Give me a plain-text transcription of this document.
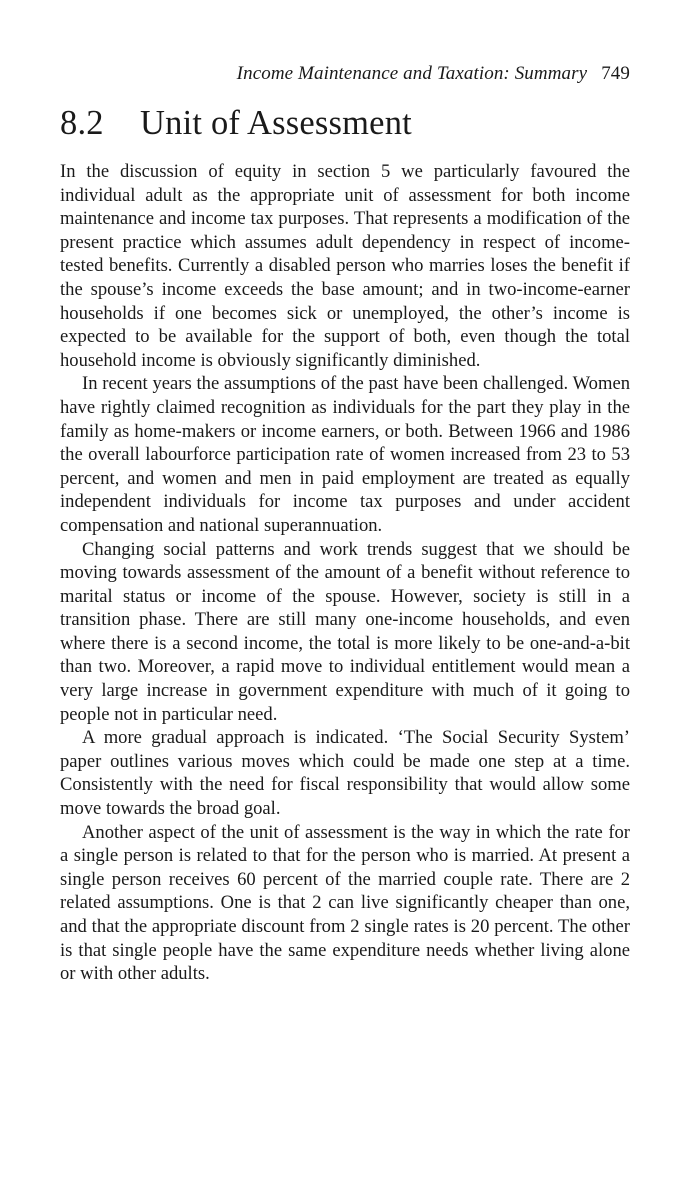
Income Maintenance and Taxation: Summary 749
8.2 Unit of Assessment

In the discussion of equity in section 5 we particularly favoured the individual adult as the appropriate unit of assessment for both income maintenance and income tax purposes. That represents a modification of the present practice which assumes adult dependency in respect of income-tested benefits. Currently a disabled person who marries loses the benefit if the spouse’s income exceeds the base amount; and in two-income-earner households if one becomes sick or unemployed, the other’s income is expected to be available for the support of both, even though the total household income is obviously significantly diminished.

In recent years the assumptions of the past have been challenged. Women have rightly claimed recognition as individuals for the part they play in the family as home-makers or income earners, or both. Between 1966 and 1986 the overall labourforce participation rate of women increased from 23 to 53 percent, and women and men in paid employment are treated as equally independent individuals for income tax purposes and under accident compensation and national superannuation.

Changing social patterns and work trends suggest that we should be moving towards assessment of the amount of a benefit without reference to marital status or income of the spouse. However, society is still in a transition phase. There are still many one-income households, and even where there is a second income, the total is more likely to be one-and-a-bit than two. Moreover, a rapid move to individual entitlement would mean a very large increase in government expenditure with much of it going to people not in particular need.

A more gradual approach is indicated. ‘The Social Security System’ paper outlines various moves which could be made one step at a time. Consistently with the need for fiscal responsibility that would allow some move towards the broad goal.

Another aspect of the unit of assessment is the way in which the rate for a single person is related to that for the person who is married. At present a single person receives 60 percent of the married couple rate. There are 2 related assumptions. One is that 2 can live significantly cheaper than one, and that the appropriate discount from 2 single rates is 20 percent. The other is that single people have the same expenditure needs whether living alone or with other adults.
